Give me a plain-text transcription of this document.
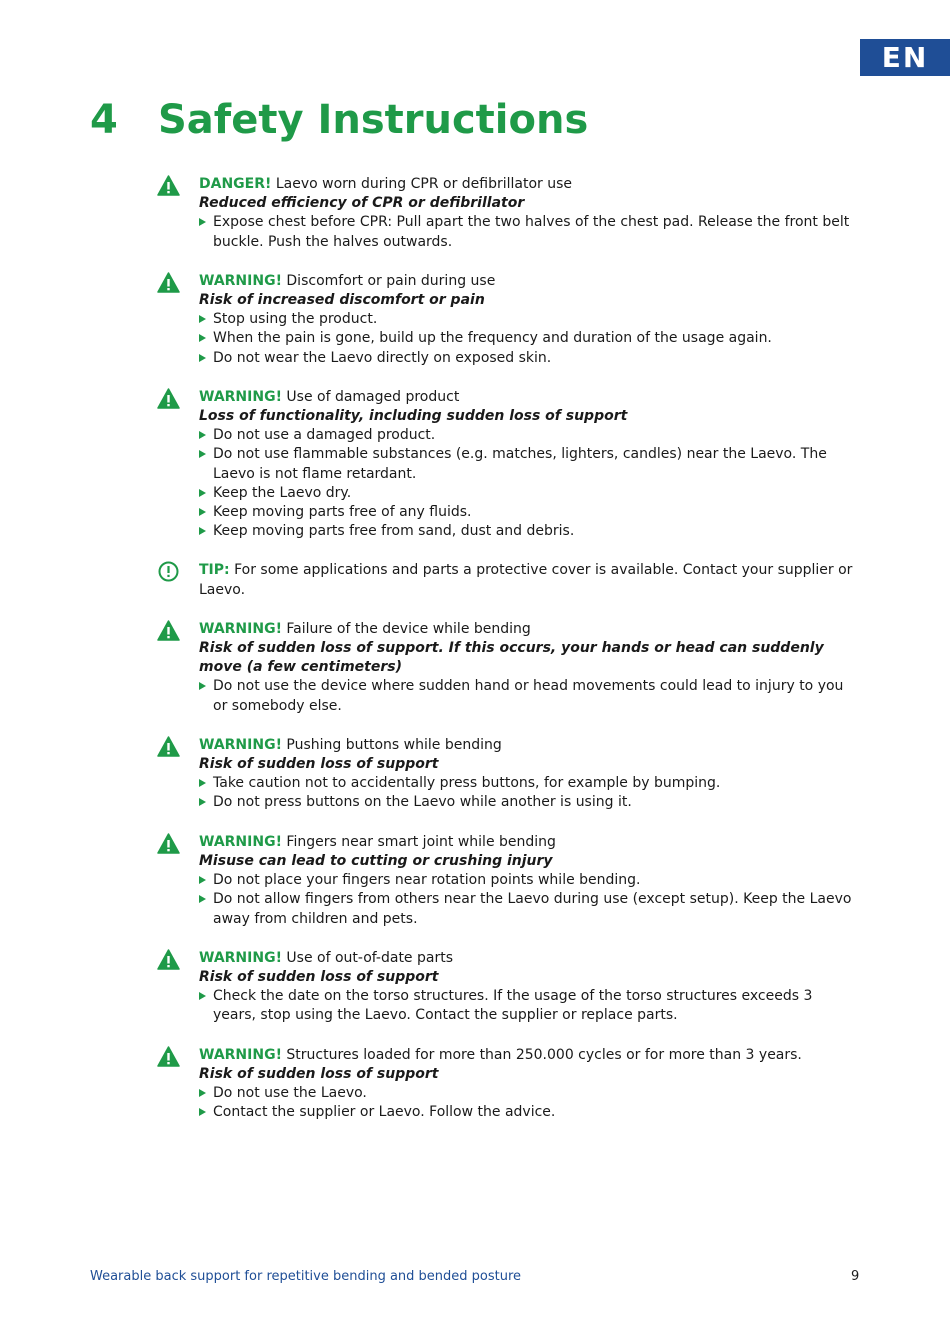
EN
4 Safety Instructions
DANGER! Laevo worn during CPR or defibrillator use
Reduced efficiency of CPR or defibrillator
Expose chest before CPR: Pull apart the two halves of the chest pad. Release the front belt buckle. Push the halves outwards.
WARNING! Discomfort or pain during use
Risk of increased discomfort or pain
Stop using the product.
When the pain is gone, build up the frequency and duration of the usage again.
Do not wear the Laevo directly on exposed skin.
WARNING! Use of damaged product
Loss of functionality, including sudden loss of support
Do not use a damaged product.
Do not use flammable substances (e.g. matches, lighters, candles) near the Laevo. The Laevo is not flame retardant.
Keep the Laevo dry.
Keep moving parts free of any fluids.
Keep moving parts free from sand, dust and debris.
TIP: For some applications and parts a protective cover is available. Contact your supplier or Laevo.
WARNING! Failure of the device while bending
Risk of sudden loss of support. If this occurs, your hands or head can suddenly move (a few centimeters)
Do not use the device where sudden hand or head movements could lead to injury to you or somebody else.
WARNING! Pushing buttons while bending
Risk of sudden loss of support
Take caution not to accidentally press buttons, for example by bumping.
Do not press buttons on the Laevo while another is using it.
WARNING! Fingers near smart joint while bending
Misuse can lead to cutting or crushing injury
Do not place your fingers near rotation points while bending.
Do not allow fingers from others near the Laevo during use (except setup). Keep the Laevo away from children and pets.
WARNING! Use of out-of-date parts
Risk of sudden loss of support
Check the date on the torso structures. If the usage of the torso structures exceeds 3 years, stop using the Laevo. Contact the supplier or replace parts.
WARNING! Structures loaded for more than 250.000 cycles or for more than 3 years.
Risk of sudden loss of support
Do not use the Laevo.
Contact the supplier or Laevo. Follow the advice.
Wearable back support for repetitive bending and bended posture	9
